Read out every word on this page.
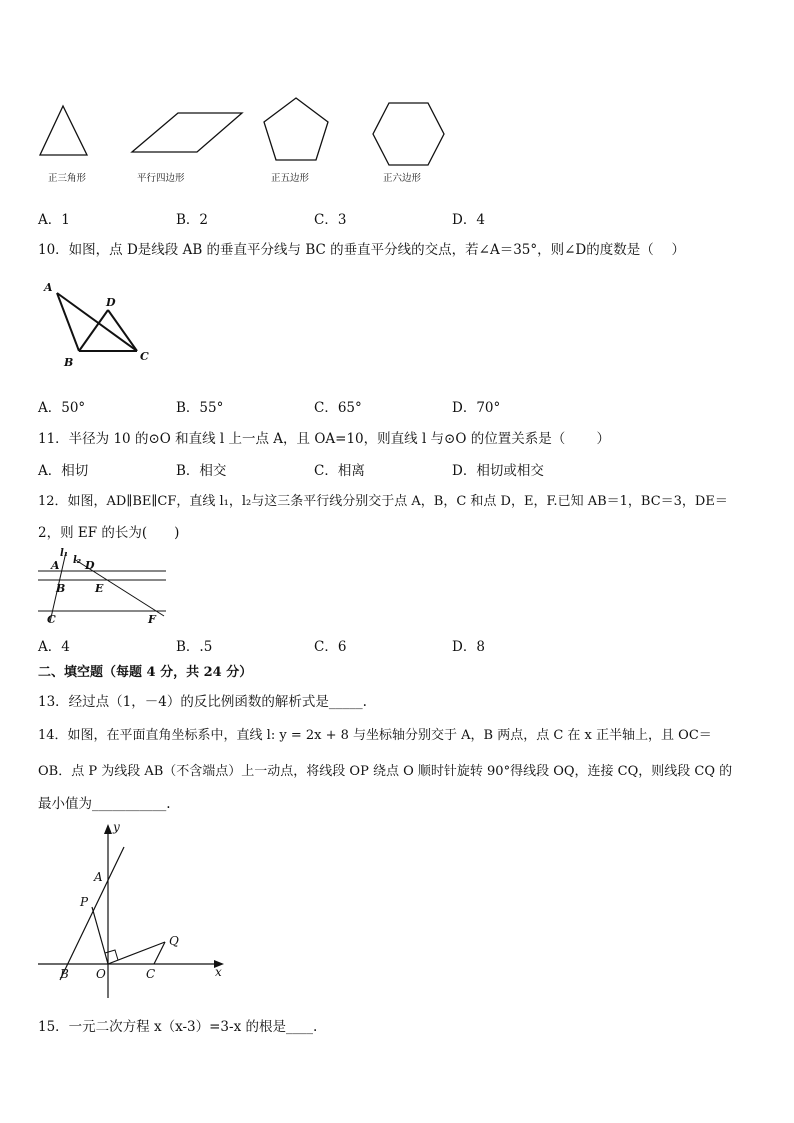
正三角形	平行四边形	正五边形	正六边形
A．1	B．2	C．3	D．4
10．如图，点 D是线段 AB 的垂直平分线与 BC 的垂直平分线的交点，若∠A＝35°，则∠D的度数是（　 ）
A
D
B	C
A．50°	B．55°	C．65°	D．70°
11．半径为 10 的⊙O 和直线 l 上一点 A，且 OA=10，则直线 l 与⊙O 的位置关系是（　　 ）
A．相切	B．相交	C．相离	D．相切或相交
12．如图，AD∥BE∥CF，直线 l₁，l₂与这三条平行线分别交于点 A，B，C 和点 D，E，F.已知 AB＝1，BC＝3，DE＝
2，则 EF 的长为(　　)
l₁
l₂
A D
B	E
C	F
A．4	B．.5	C．6	D．8
二、填空题（每题 4 分，共 24 分）
13．经过点（1，－4）的反比例函数的解析式是_____.
14．如图，在平面直角坐标系中，直线 l: y = 2x + 8 与坐标轴分别交于 A，B 两点，点 C 在 x 正半轴上，且 OC＝
OB．点 P 为线段 AB（不含端点）上一动点，将线段 OP 绕点 O 顺时针旋转 90°得线段 OQ，连接 CQ，则线段 CQ 的
最小值为___________.
y
x
A
P
Q
B O	C
15．一元二次方程 x（x-3）=3-x 的根是____.
